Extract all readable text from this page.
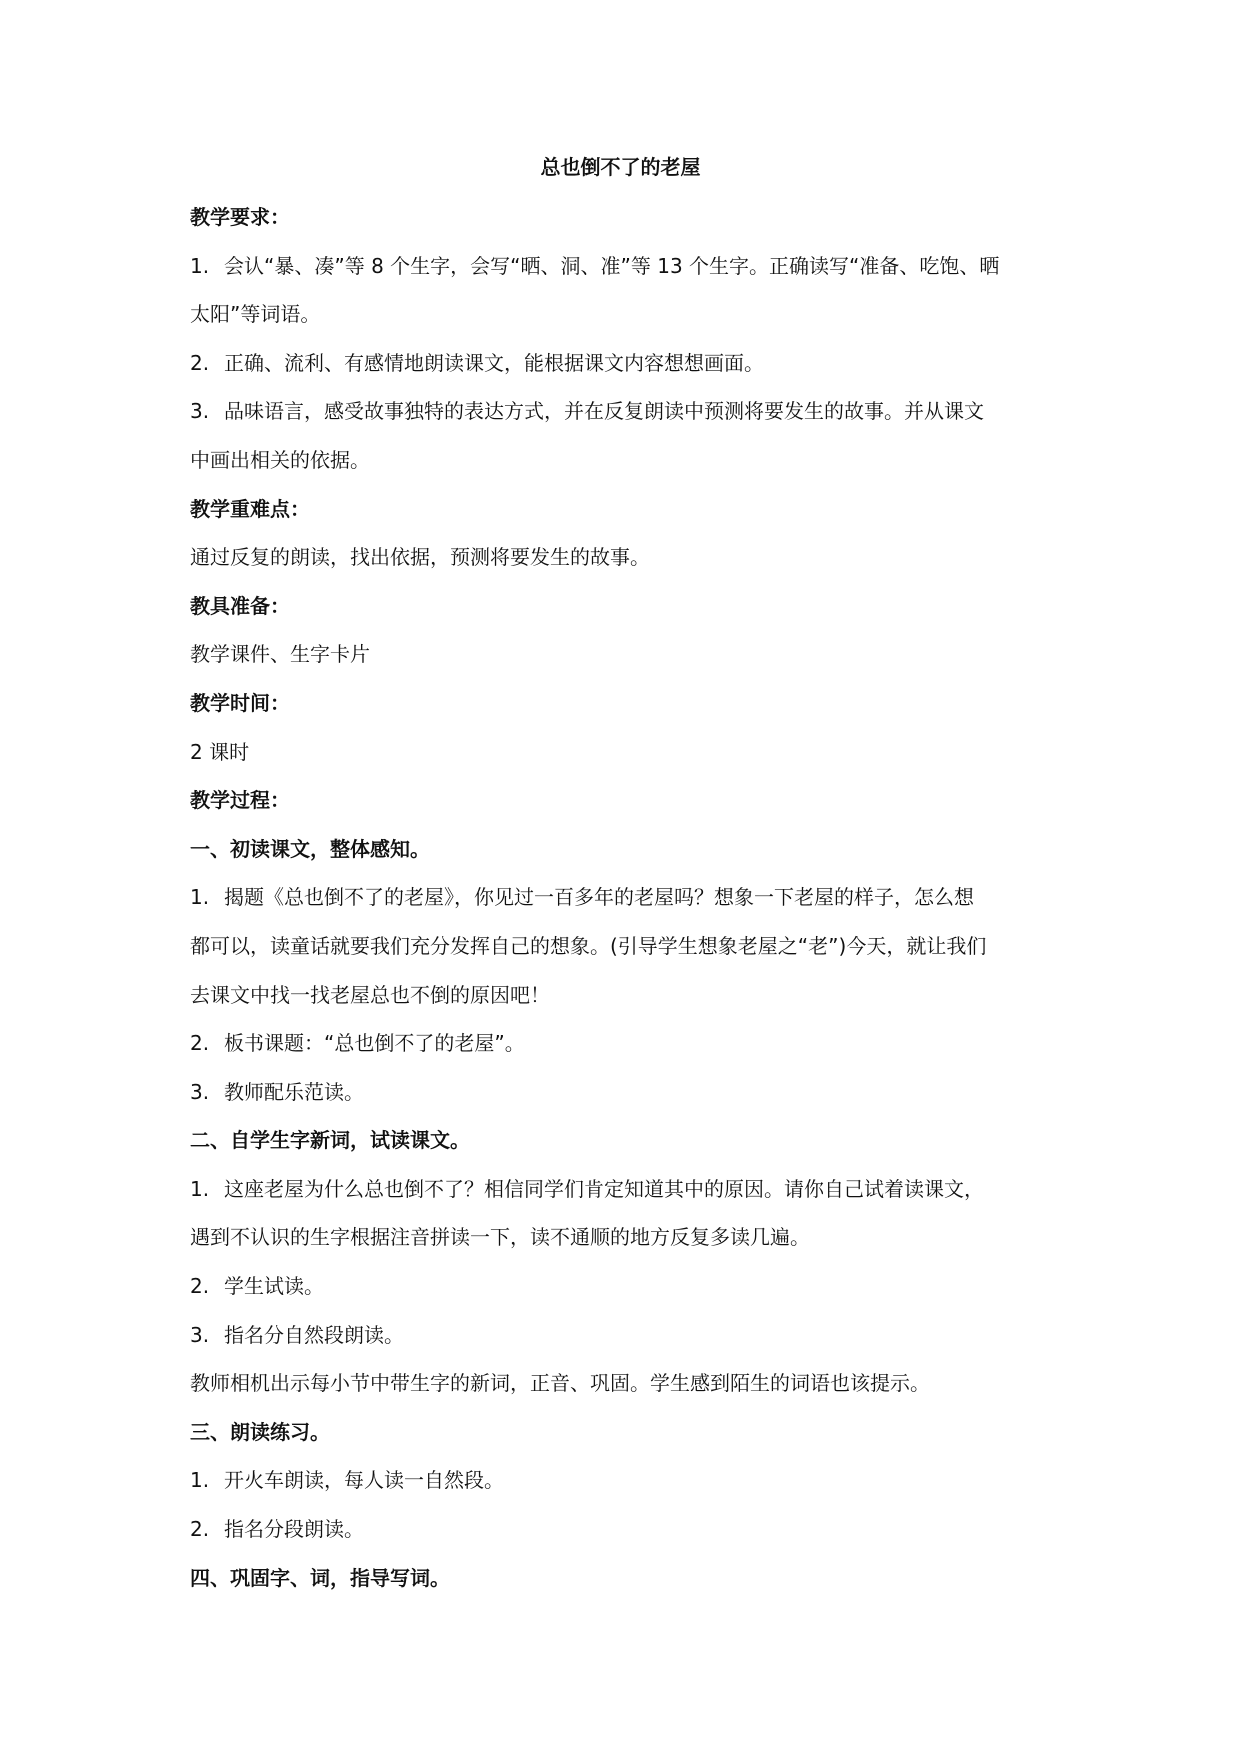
总也倒不了的老屋
教学要求：
1. 会认“暴、凑”等 8 个生字，会写“晒、洞、准”等 13 个生字。正确读写“准备、吃饱、晒
太阳”等词语。
2. 正确、流利、有感情地朗读课文，能根据课文内容想想画面。
3. 品味语言，感受故事独特的表达方式，并在反复朗读中预测将要发生的故事。并从课文
中画出相关的依据。
教学重难点：
通过反复的朗读，找出依据，预测将要发生的故事。
教具准备：
教学课件、生字卡片
教学时间：
2 课时
教学过程：
一、初读课文，整体感知。
1. 揭题《总也倒不了的老屋》，你见过一百多年的老屋吗？想象一下老屋的样子，怎么想
都可以，读童话就要我们充分发挥自己的想象。(引导学生想象老屋之“老”)今天，就让我们
去课文中找一找老屋总也不倒的原因吧！
2. 板书课题：“总也倒不了的老屋”。
3. 教师配乐范读。
二、自学生字新词，试读课文。
1. 这座老屋为什么总也倒不了？相信同学们肯定知道其中的原因。请你自己试着读课文，
遇到不认识的生字根据注音拼读一下，读不通顺的地方反复多读几遍。
2. 学生试读。
3. 指名分自然段朗读。
教师相机出示每小节中带生字的新词，正音、巩固。学生感到陌生的词语也该提示。
三、朗读练习。
1. 开火车朗读，每人读一自然段。
2. 指名分段朗读。
四、巩固字、词，指导写词。
